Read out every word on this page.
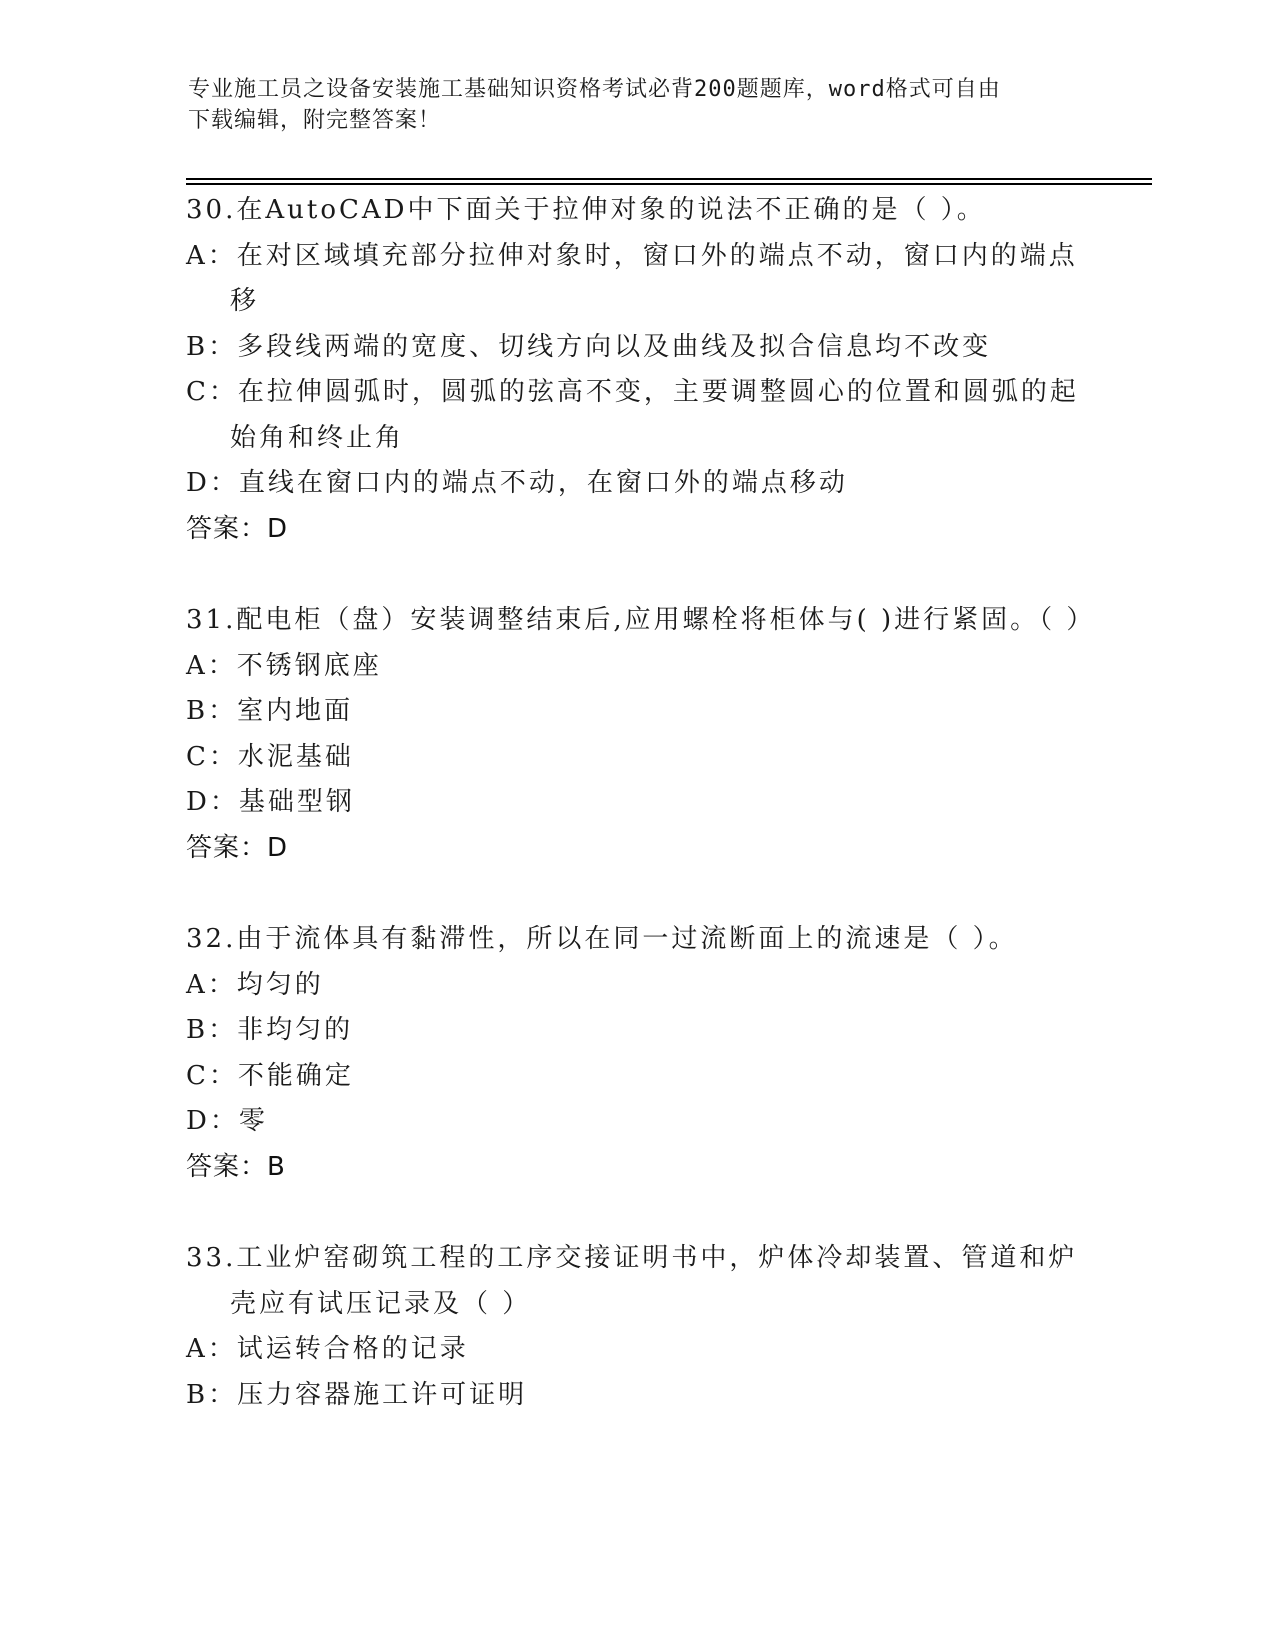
专业施工员之设备安装施工基础知识资格考试必背200题题库，word格式可自由
下载编辑，附完整答案！

30.在AutoCAD中下面关于拉伸对象的说法不正确的是（ ）。

A：在对区域填充部分拉伸对象时，窗口外的端点不动，窗口内的端点移

B：多段线两端的宽度、切线方向以及曲线及拟合信息均不改变

C：在拉伸圆弧时，圆弧的弦高不变，主要调整圆心的位置和圆弧的起始角和终止角

D：直线在窗口内的端点不动，在窗口外的端点移动

答案：D

31.配电柜（盘）安装调整结束后,应用螺栓将柜体与( )进行紧固。（ ）

A：不锈钢底座

B：室内地面

C：水泥基础

D：基础型钢

答案：D

32.由于流体具有黏滞性，所以在同一过流断面上的流速是（ ）。

A：均匀的

B：非均匀的

C：不能确定

D：零

答案：B

33.工业炉窑砌筑工程的工序交接证明书中，炉体冷却装置、管道和炉壳应有试压记录及（ ）

A：试运转合格的记录

B：压力容器施工许可证明
